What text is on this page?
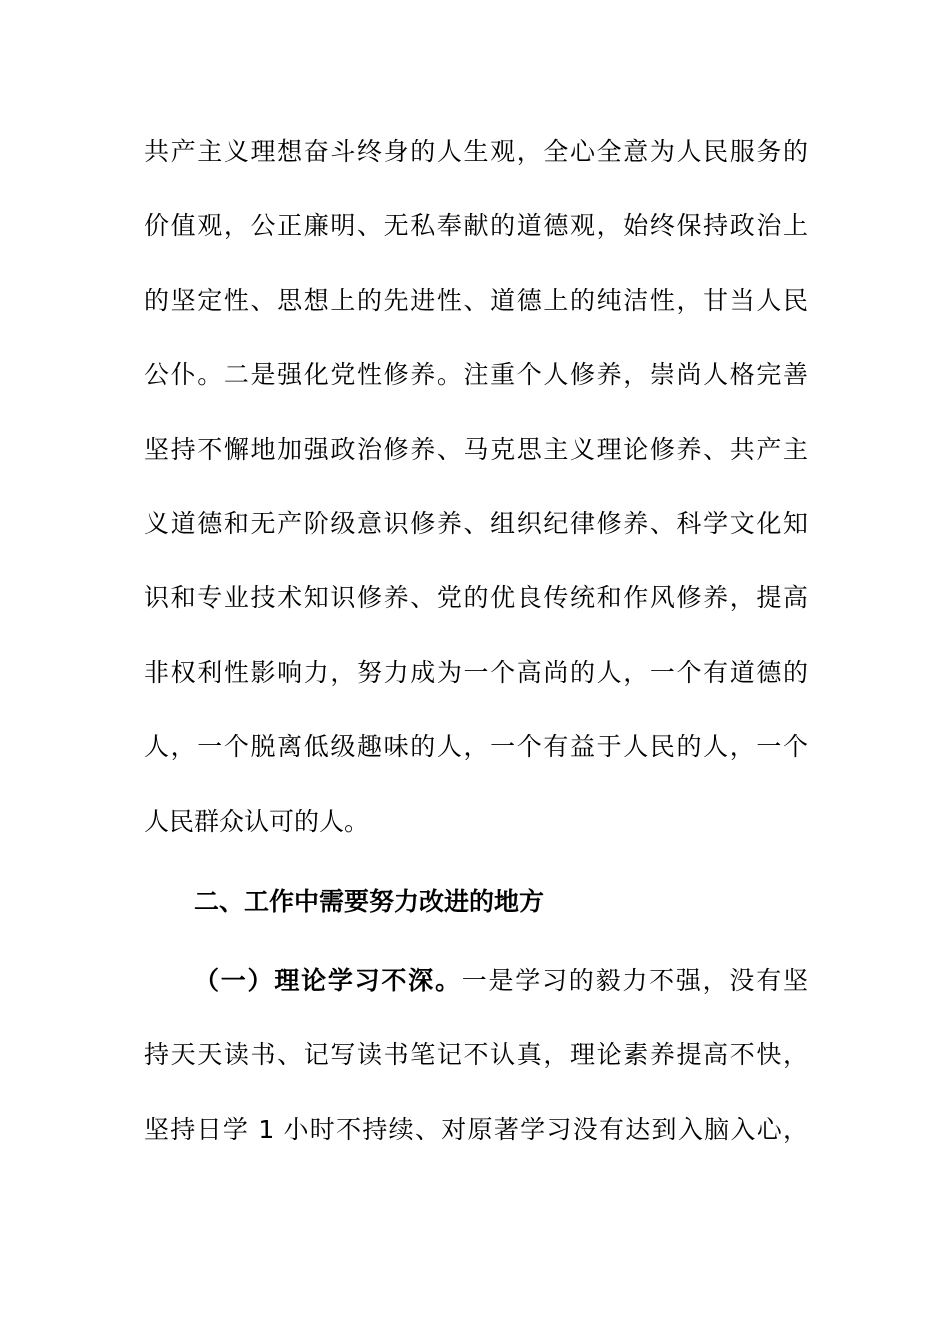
共产主义理想奋斗终身的人生观，全心全意为人民服务的
价值观，公正廉明、无私奉献的道德观，始终保持政治上
的坚定性、思想上的先进性、道德上的纯洁性，甘当人民
公仆。二是强化党性修养。注重个人修养，崇尚人格完善
坚持不懈地加强政治修养、马克思主义理论修养、共产主
义道德和无产阶级意识修养、组织纪律修养、科学文化知
识和专业技术知识修养、党的优良传统和作风修养，提高
非权利性影响力，努力成为一个高尚的人，一个有道德的
人，一个脱离低级趣味的人，一个有益于人民的人，一个
人民群众认可的人。
二、工作中需要努力改进的地方
（一）理论学习不深。一是学习的毅力不强，没有坚
持天天读书、记写读书笔记不认真，理论素养提高不快，
坚持日学 1 小时不持续、对原著学习没有达到入脑入心，
